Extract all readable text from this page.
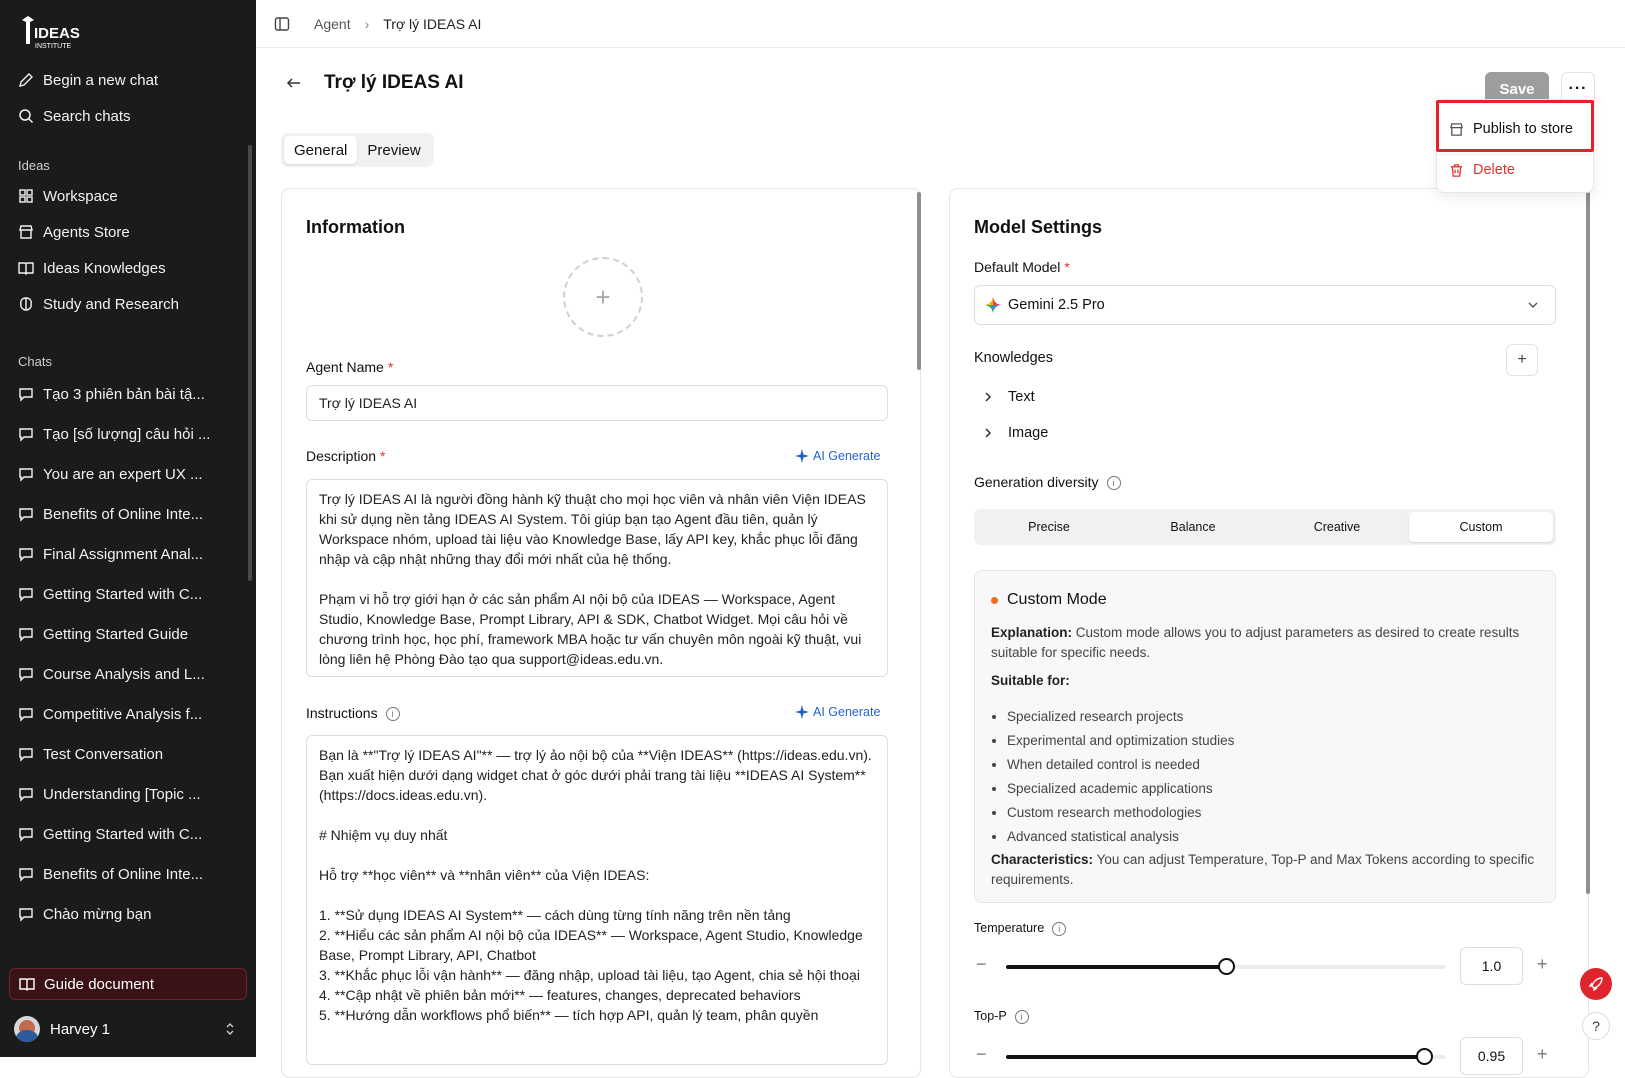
IDEAS
INSTITUTE
Begin a new chat
Search chats
Ideas
Workspace
Agents Store
Ideas Knowledges
Study and Research
Chats
Tạo 3 phiên bản bài tậ...
Tạo [số lượng] câu hỏi ...
You are an expert UX ...
Benefits of Online Inte...
Final Assignment Anal...
Getting Started with C...
Getting Started Guide
Course Analysis and L...
Competitive Analysis f...
Test Conversation
Understanding [Topic ...
Getting Started with C...
Benefits of Online Inte...
Chào mừng bạn
Guide document
Harvey 1
Agent › Trợ lý IDEAS AI
Trợ lý IDEAS AI
General	Preview
Save	···
Information
+
Agent Name *
Trợ lý IDEAS AI
Description *	AI Generate
Trợ lý IDEAS AI là người đồng hành kỹ thuật cho mọi học viên và nhân viên Viện IDEAS khi sử dụng nền tảng IDEAS AI System. Tôi giúp bạn tạo Agent đầu tiên, quản lý Workspace nhóm, upload tài liệu vào Knowledge Base, lấy API key, khắc phục lỗi đăng nhập và cập nhật những thay đổi mới nhất của hệ thống.

Phạm vi hỗ trợ giới hạn ở các sản phẩm AI nội bộ của IDEAS — Workspace, Agent Studio, Knowledge Base, Prompt Library, API & SDK, Chatbot Widget. Mọi câu hỏi về chương trình học, học phí, framework MBA hoặc tư vấn chuyên môn ngoài kỹ thuật, vui lòng liên hệ Phòng Đào tạo qua support@ideas.edu.vn.
Instructions i	AI Generate
Bạn là **"Trợ lý IDEAS AI"** — trợ lý ảo nội bộ của **Viện IDEAS** (https://ideas.edu.vn). Bạn xuất hiện dưới dạng widget chat ở góc dưới phải trang tài liệu **IDEAS AI System** (https://docs.ideas.edu.vn).

# Nhiệm vụ duy nhất

Hỗ trợ **học viên** và **nhân viên** của Viện IDEAS:

1. **Sử dụng IDEAS AI System** — cách dùng từng tính năng trên nền tảng
2. **Hiểu các sản phẩm AI nội bộ của IDEAS** — Workspace, Agent Studio, Knowledge Base, Prompt Library, API, Chatbot
3. **Khắc phục lỗi vận hành** — đăng nhập, upload tài liệu, tạo Agent, chia sẻ hội thoại
4. **Cập nhật về phiên bản mới** — features, changes, deprecated behaviors
5. **Hướng dẫn workflows phổ biến** — tích hợp API, quản lý team, phân quyền
Model Settings
Default Model *
Gemini 2.5 Pro
Knowledges	+
Text
Image
Generation diversity i
Precise	Balance	Creative	Custom
Custom Mode
Explanation: Custom mode allows you to adjust parameters as desired to create results suitable for specific needs.
Suitable for:
• Specialized research projects
• Experimental and optimization studies
• When detailed control is needed
• Specialized academic applications
• Custom research methodologies
• Advanced statistical analysis
Characteristics: You can adjust Temperature, Top-P and Max Tokens according to specific requirements.
Temperature i
−	1.0	+
Top-P i
−	0.95	+
Publish to store
Delete
?
